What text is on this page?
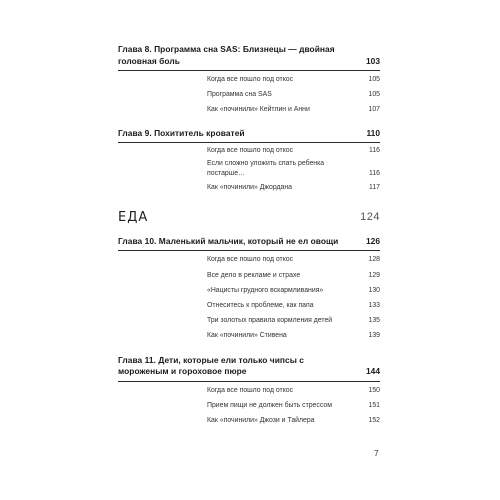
Глава 8. Программа сна SAS: Близнецы — двойная головная боль	103
Когда все пошло под откос	105
Программа сна SAS	105
Как «починили» Кейтлин и Анни	107
Глава 9. Похититель кроватей	110
Когда все пошло под откос	116
Если сложно уложить спать ребенка постарше…	116
Как «починили» Джордана	117
ЕДА	124
Глава 10. Маленький мальчик, который не ел овощи	126
Когда все пошло под откос	128
Все дело в рекламе и страхе	129
«Нацисты грудного вскармливания»	130
Отнеситесь к проблеме, как папа	133
Три золотых правила кормления детей	135
Как «починили» Стивена	139
Глава 11. Дети, которые ели только чипсы с мороженым и гороховое пюре	144
Когда все пошло под откос	150
Прием пищи не должен быть стрессом	151
Как «починили» Джози и Тайлера	152
7
